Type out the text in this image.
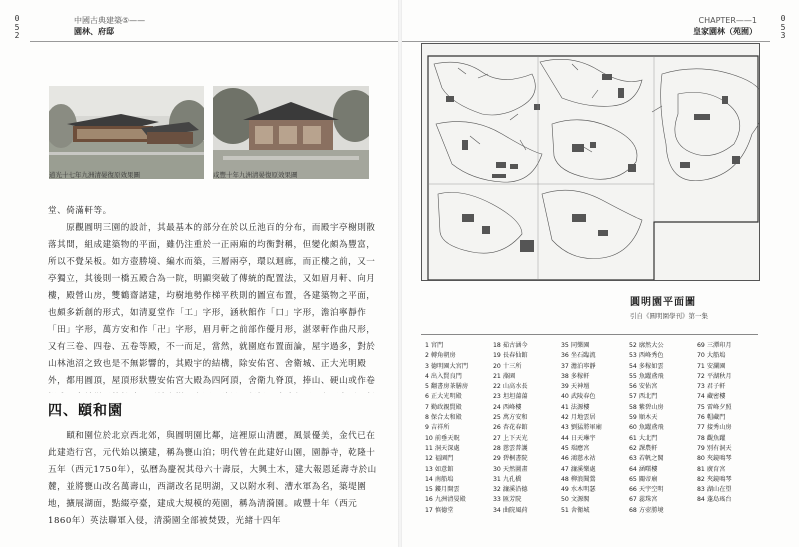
0
5
2
中國古典建築⑤——
園林、府邸
道光十七年九洲清晏復原效果圖	咸豐十年九洲清晏復原效果圖

堂、倚滿軒等。

　　原觀圓明三園的設計，其最基本的部分在於以丘池百的分布，而殿宇亭榭則散落其間，組成建築物的平面，雖仍注重於一正兩廂的均衡對稱，但變化頗為豐富，所以不覺呆板。如方壺勝境、編水而築，三層兩亭，環以迴廊，而正樓之前，又一亭獨立，其後則一橋五殿合為一院，明顯突破了傳統的配置法，又如眉月軒、向月樓，殿營山房，雙鶴齋諸建，均樹地勢作梯平秩則的圖宣布置，各建築物之平面，也頗多新創的形式，如清夏堂作「工」字形，涵秋館作「口」字形，澹泊寧靜作「田」字形，萬方安和作「卍」字形，眉月軒之前部作優月形，湛翠軒作曲尺形，又有三卷、四卷、五卷等殿，不一而足，當然，就園庭布置面論，屋宇過多，對於山林池沼之致也是不無影響的，其殿宇的結構，除安佑宮、舍衛城、正大光明殿外，都用圓頂，屋頂形狀豐安佑宮大殿為四阿頂，舍衛九脊頂，捧山、硬山或作卷

四、頤和園

　　頤和園位於北京西北郊，與圓明園比鄰，這裡原山清麗，風景優美，金代已在此建造行宮，元代始以擴建，稱為甕山泊；明代曾在此建好山園，園靜寺，乾隆十五年（西元1750年），弘曆為慶祝其母六十壽辰，大興土木，建大報恩延壽寺於山麓，並將甕山改名萬壽山，西湖改名昆明湖，又以附水利、漕水軍為名，築堤圍地，擴展湖面，點綴亭臺，建成大規模的苑園，稱為清漪園。咸豐十年（西元1860年）英法聯軍入侵，清漪園全部被焚毀，光緒十四年

CHAPTER——1
皇家園林（苑囿）
0
5
3
圓明園平面圖
引自《圓明園學刊》第一集
1 宮門
2 轉角朝房
3 德明園大宮門
4 出入賢良門
5 翻書房茶膳房
6 正大光明殿
7 勤政親賢殿
8 保合太和殿
9 吉祥所
10 前垂天貺
11 洞天深處
12 福園門
13 如意館
14 南船塢
15 鏤月開雲
16 九洲清晏殿
17 慎德堂
18 茹古涵今
19 長春仙館
20 十三所
21 藻園
22 山高水長
23 坦坦蕩蕩
24 西峰樓
25 萬方安和
26 杏花春館
27 上下天光
28 慈雲普護
29 碧桐書院
30 天然圖畫
31 九孔橋
32 濂溪沿德
33 匯芳院
34 曲院風荷
35 同樂園
36 坐石臨流
37 澹泊寧靜
38 多稼軒
39 天神壇
40 武陵春色
41 法源樓
42 月地雲居
43 劉猛將軍廟
44 日天琳宇
45 瑞應宮
46 鴻慈永祜
47 濂溪樂處
48 柳浪聞鶯
49 水木明瑟
50 文源閣
51 舍衛城
52 廓然大公
53 西峰秀色
54 多稼如雲
55 魚躍鳶飛
56 安佑宮
57 西北門
58 紫碧山房
59 順木天
60 魚躍鳶飛
61 大北門
62 課農軒
63 若帆之閣
64 涵曙樓
65 關帝廟
66 天宇空明
67 蕊珠宮
68 方壺勝境
69 三潭印月
70 大船塢
71 安瀾園
72 平湖秋月
73 君子軒
74 藏密樓
75 雷峰夕照
76 帽藏門
77 接秀山房
78 觀魚躍
79 別有洞天
80 夾鏡鳴琴
81 廣育宮
82 夾鏡鳴琴
83 湖山在望
84 蓬島瑤台
